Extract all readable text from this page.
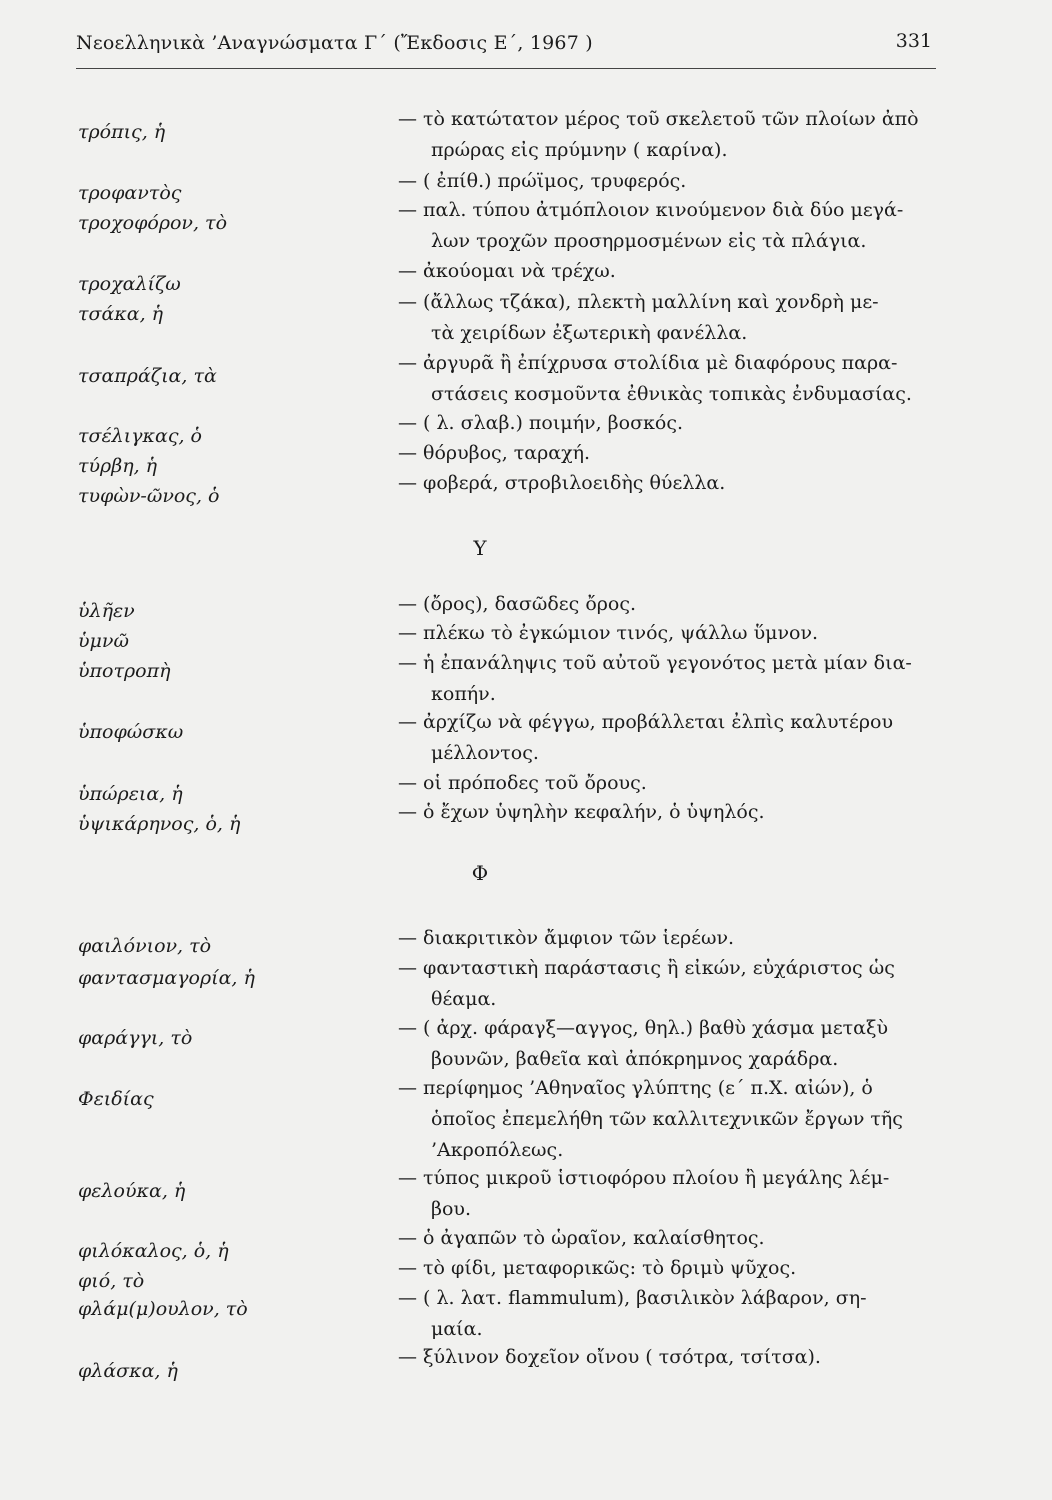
Νεοελληνικὰ ’Αναγνώσματα Γ΄ (Ἔκδοσις Ε΄, 1967 )	331
τρόπις, ἡ
— τὸ κατώτατον μέρος τοῦ σκελετοῦ τῶν πλοίων ἀπὸ
πρώρας εἰς πρύμνην ( καρίνα).
τροφαντὸς
— ( ἐπίθ.) πρώϊμος, τρυφερός.
τροχοφόρον, τὸ
— παλ. τύπου ἀτμόπλοιον κινούμενον διὰ δύο μεγά-
λων τροχῶν προσηρμοσμένων εἰς τὰ πλάγια.
τροχαλίζω
— ἀκούομαι νὰ τρέχω.
τσάκα, ἡ
— (ἄλλως τζάκα), πλεκτὴ μαλλίνη καὶ χονδρὴ με-
τὰ χειρίδων ἐξωτερικὴ φανέλλα.
τσαπράζια, τὰ
— ἀργυρᾶ ἢ ἐπίχρυσα στολίδια μὲ διαφόρους παρα-
στάσεις κοσμοῦντα ἐθνικὰς τοπικὰς ἐνδυμασίας.
τσέλιγκας, ὁ
— ( λ. σλαβ.) ποιμήν, βοσκός.
τύρβη, ἡ
— θόρυβος, ταραχή.
τυφὼν-ῶνος, ὁ
— φοβερά, στροβιλοειδὴς θύελλα.
Υ
ὑλῆεν	— (ὄρος), δασῶδες ὄρος.
ὑμνῶ	— πλέκω τὸ ἐγκώμιον τινός, ψάλλω ὕμνον.
ὑποτροπὴ	— ἡ ἐπανάληψις τοῦ αὐτοῦ γεγονότος μετὰ μίαν δια-
κοπήν.
ὑποφώσκω	— ἀρχίζω νὰ φέγγω, προβάλλεται ἐλπὶς καλυτέρου
μέλλοντος.
ὑπώρεια, ἡ	— οἱ πρόποδες τοῦ ὄρους.
ὑψικάρηνος, ὁ, ἡ
— ὁ ἔχων ὑψηλὴν κεφαλήν, ὁ ὑψηλός.
Φ
φαιλόνιον, τὸ	— διακριτικὸν ἄμφιον τῶν ἱερέων.
φαντασμαγορία, ἡ	— φανταστικὴ παράστασις ἢ εἰκών, εὐχάριστος ὡς
θέαμα.
φαράγγι, τὸ	— ( ἀρχ. φάραγξ—αγγος, θηλ.) βαθὺ χάσμα μεταξὺ
βουνῶν, βαθεῖα καὶ ἀπόκρημνος χαράδρα.
Φειδίας	— περίφημος ’Αθηναῖος γλύπτης (ε΄ π.Χ. αἰών), ὁ
ὁποῖος ἐπεμελήθη τῶν καλλιτεχνικῶν ἔργων τῆς
’Ακροπόλεως.
φελούκα, ἡ
— τύπος μικροῦ ἱστιοφόρου πλοίου ἢ μεγάλης λέμ-
βου.
φιλόκαλος, ὁ, ἡ
— ὁ ἀγαπῶν τὸ ὡραῖον, καλαίσθητος.
φιό, τὸ
— τὸ φίδι, μεταφορικῶς: τὸ δριμὺ ψῦχος.
φλάμ(μ)ουλον, τὸ	— ( λ. λατ. flammulum), βασιλικὸν λάβαρον, ση-
μαία.
φλάσκα, ἡ
— ξύλινον δοχεῖον οἴνου ( τσότρα, τσίτσα).
